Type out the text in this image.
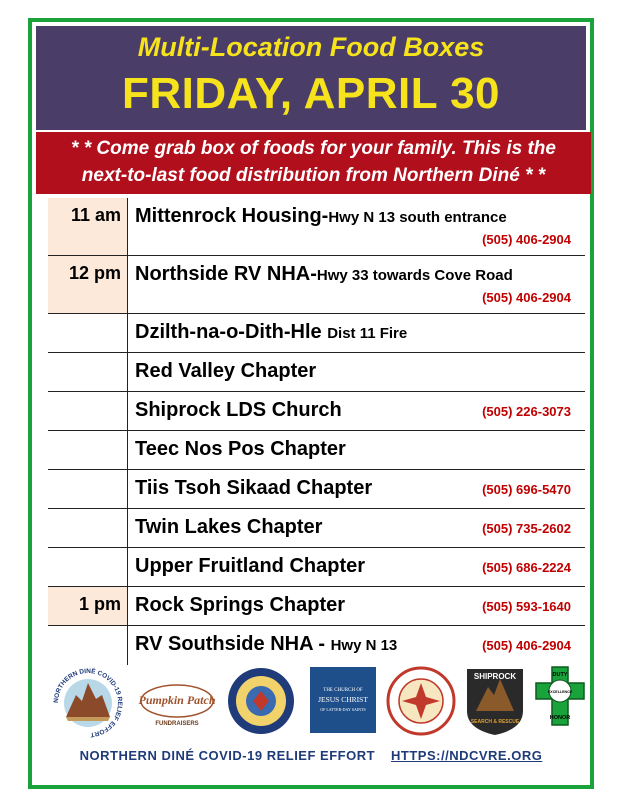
Multi-Location Food Boxes
FRIDAY, APRIL 30
* * Come grab box of foods for your family. This is the
next-to-last food distribution from Northern Diné * *
11 am Mittenrock Housing-Hwy N 13 south entrance
(505) 406-2904
12 pm Northside RV NHA-Hwy 33 towards Cove Road
(505) 406-2904
Dzilth-na-o-Dith-Hle Dist 11 Fire
Red Valley Chapter
Shiprock LDS Church	(505) 226-3073
Teec Nos Pos Chapter
Tiis Tsoh Sikaad Chapter	(505) 696-5470
Twin Lakes Chapter	(505) 735-2602
Upper Fruitland Chapter	(505) 686-2224
1 pm Rock Springs Chapter	(505) 593-1640
RV Southside NHA - Hwy N 13	(505) 406-2904
NORTHERN DINÉ COVID-19 RELIEF EFFORT
Pumpkin Patch
FUNDRAISERS
THE CHURCH OF
JESUS CHRIST
OF LATTER-DAY SAINTS
SHIPROCK
SEARCH & RESCUE
DUTY
EXCELLENCE
HONOR
NORTHERN DINÉ COVID-19 RELIEF EFFORT HTTPS://NDCVRE.ORG
